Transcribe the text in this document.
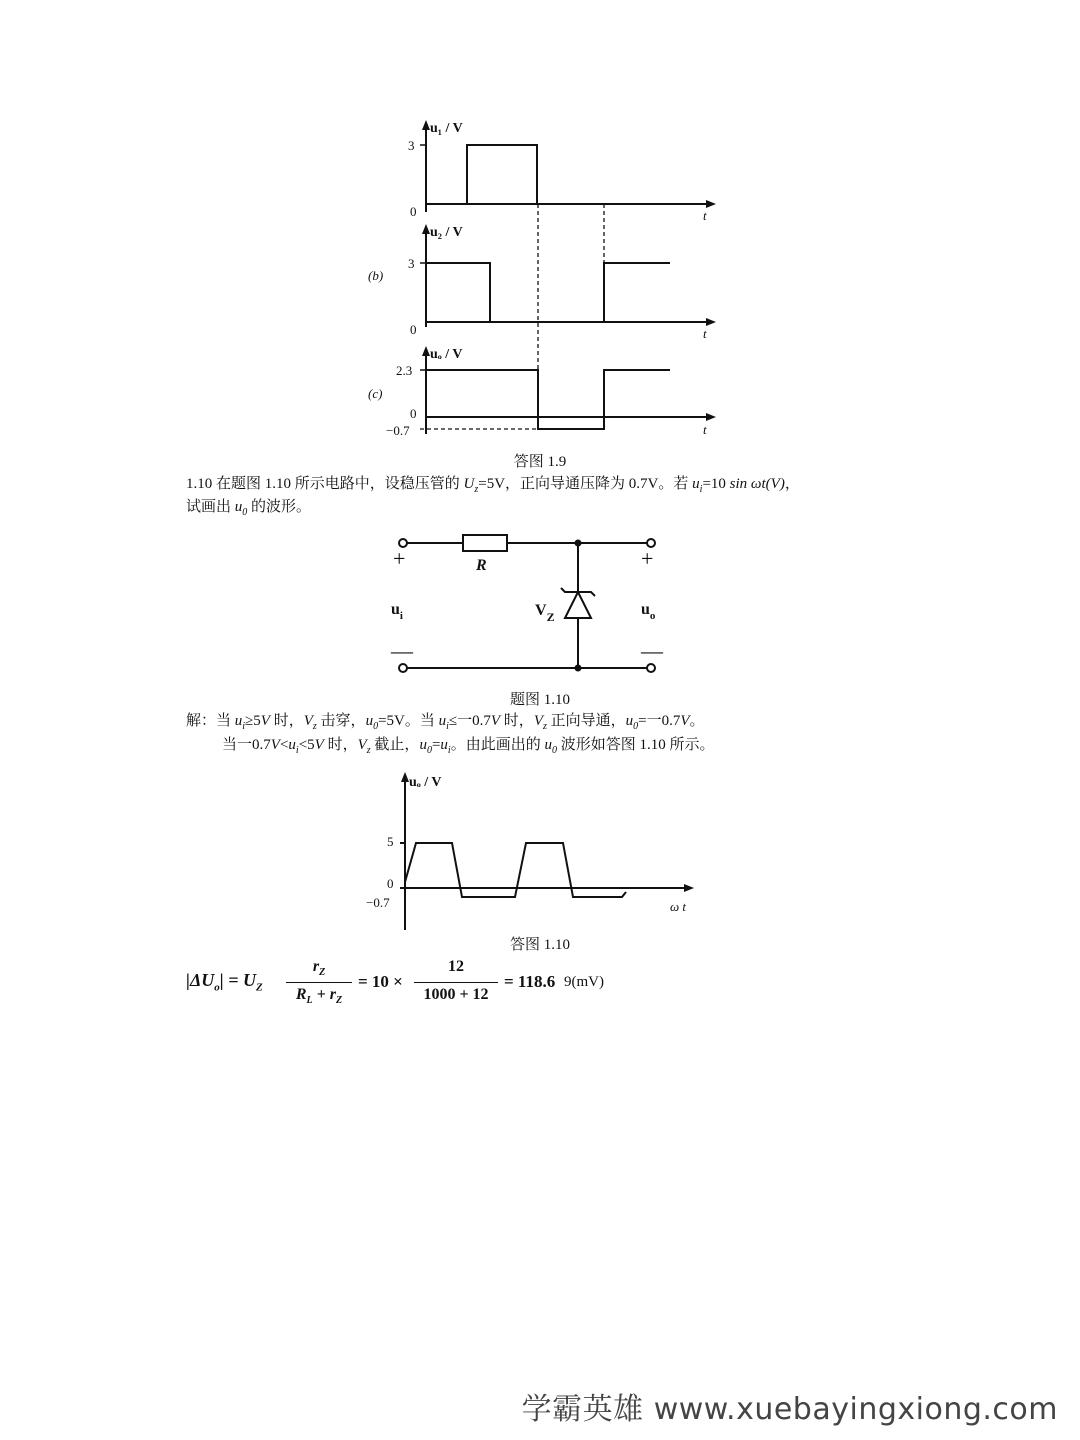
u₁ / V
3
0	t
u₂ / V
(b)
3
0	t
uₒ / V
(c)
2.3
0
−0.7	t
答图 1.9
1.10 在题图 1.10 所示电路中，设稳压管的 $U_z=5V$，正向导通压降为 0.7V。若 $u_i=10$ sin ωt(V)，
试画出 $u_0$ 的波形。
R
$V_Z$
$u_i$	$u_o$
+	+
—	—
题图 1.10
解：当 $u_i\ge 5V$ 时，$V_z$ 击穿，$u_0=5V$。当 $u_i\le$一0.7V 时，$V_z$ 正向导通，$u_0=$一0.7V。
当一$0.7V<u_i<5V$ 时，$V_z$ 截止，$u_0=u_i$。由此画出的 $u_0$ 波形如答图 1.10 所示。
uₒ / V
5
0
−0.7	ω t
答图 1.10
$|\Delta U_o| = U_Z$
$r_Z$
$R_L + r_Z$
= 10 ×
12
1000 + 12
= 118.6 9(mV)
学霸英雄 www.xuebayingxiong.com
